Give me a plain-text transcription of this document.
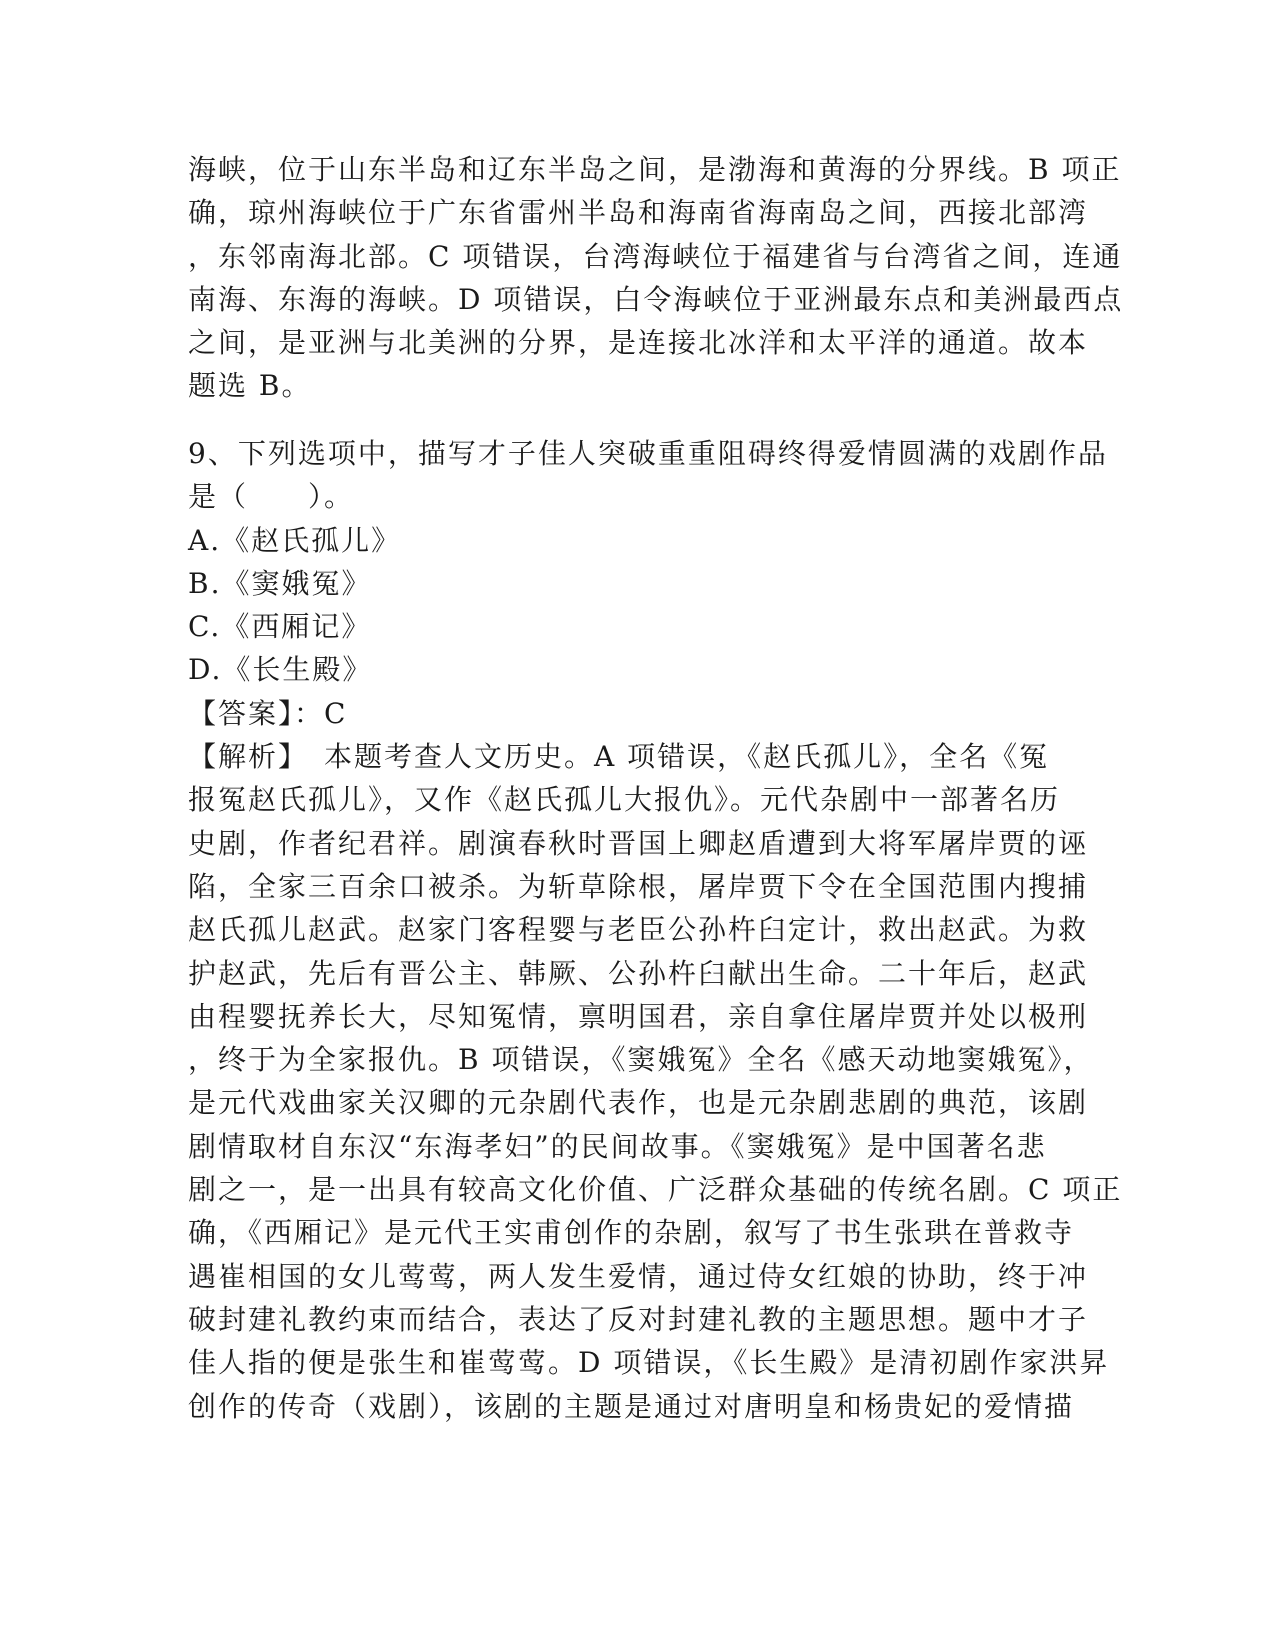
海峡，位于山东半岛和辽东半岛之间，是渤海和黄海的分界线。B 项正
确，琼州海峡位于广东省雷州半岛和海南省海南岛之间，西接北部湾
，东邻南海北部。C 项错误，台湾海峡位于福建省与台湾省之间，连通
南海、东海的海峡。D 项错误，白令海峡位于亚洲最东点和美洲最西点
之间，是亚洲与北美洲的分界，是连接北冰洋和太平洋的通道。故本
题选 B。
9、下列选项中，描写才子佳人突破重重阻碍终得爱情圆满的戏剧作品
是（　　）。
A.《赵氏孤儿》
B.《窦娥冤》
C.《西厢记》
D.《长生殿》
【答案】：C
【解析】　本题考查人文历史。A 项错误，《赵氏孤儿》，全名《冤
报冤赵氏孤儿》，又作《赵氏孤儿大报仇》。元代杂剧中一部著名历
史剧，作者纪君祥。剧演春秋时晋国上卿赵盾遭到大将军屠岸贾的诬
陷，全家三百余口被杀。为斩草除根，屠岸贾下令在全国范围内搜捕
赵氏孤儿赵武。赵家门客程婴与老臣公孙杵臼定计，救出赵武。为救
护赵武，先后有晋公主、韩厥、公孙杵臼献出生命。二十年后，赵武
由程婴抚养长大，尽知冤情，禀明国君，亲自拿住屠岸贾并处以极刑
，终于为全家报仇。B 项错误，《窦娥冤》全名《感天动地窦娥冤》，
是元代戏曲家关汉卿的元杂剧代表作，也是元杂剧悲剧的典范，该剧
剧情取材自东汉“东海孝妇”的民间故事。《窦娥冤》是中国著名悲
剧之一，是一出具有较高文化价值、广泛群众基础的传统名剧。C 项正
确，《西厢记》是元代王实甫创作的杂剧，叙写了书生张珙在普救寺
遇崔相国的女儿莺莺，两人发生爱情，通过侍女红娘的协助，终于冲
破封建礼教约束而结合，表达了反对封建礼教的主题思想。题中才子
佳人指的便是张生和崔莺莺。D 项错误，《长生殿》是清初剧作家洪昇
创作的传奇（戏剧），该剧的主题是通过对唐明皇和杨贵妃的爱情描
